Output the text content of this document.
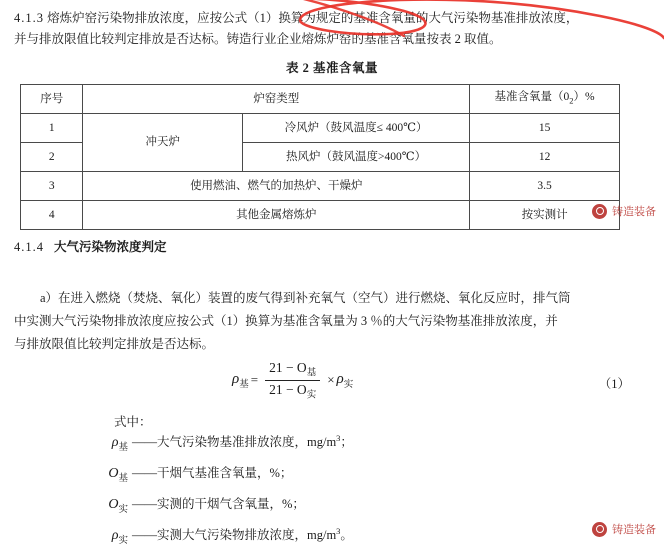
4.1.3 熔炼炉窑污染物排放浓度，应按公式（1）换算为规定的基准含氧量的大气污染物基准排放浓度，
并与排放限值比较判定排放是否达标。铸造行业企业熔炼炉窑的基准含氧量按表 2 取值。
表 2 基准含氧量
序号	炉窑类型		基准含氧量$(0_2)\%$
1	冲天炉	冷风炉（鼓风温度≤ 400℃）	15
2		热风炉（鼓风温度>400℃）	12
3	使用燃油、燃气的加热炉、干燥炉		3.5
4	其他金属熔炼炉		按实测计
4.1.4 大气污染物浓度判定
a）在进入燃烧（焚烧、氧化）装置的废气得到补充氧气（空气）进行燃烧、氧化反应时，排气筒
中实测大气污染物排放浓度应按公式（1）换算为基准含氧量为 3 ％的大气污染物基准排放浓度，并
与排放限值比较判定排放是否达标。
$\rho_基 = \frac{21 - O_基}{21 - O_实} \times \rho_实$	（1）
式中：
$\rho_基$ ——大气污染物基准排放浓度，$mg/m^3$；
$O_基$ ——干烟气基准含氧量，%；
$O_实$ ——实测的干烟气含氧量，%；
$\rho_实$ ——实测大气污染物排放浓度，$mg/m^3$。
铸造装备
铸造装备
